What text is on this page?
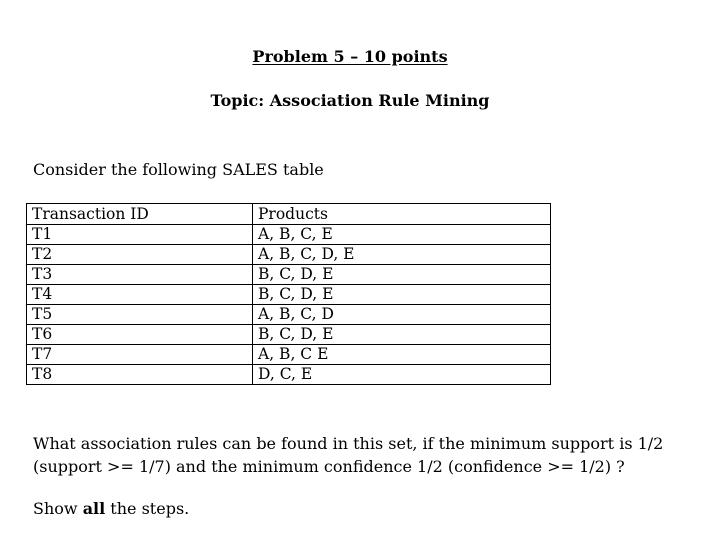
Problem 5 – 10 points
Topic: Association Rule Mining
Consider the following SALES table
Transaction ID	Products
T1	A, B, C, E
T2	A, B, C, D, E
T3	B, C, D, E
T4	B, C, D, E
T5	A, B, C, D
T6	B, C, D, E
T7	A, B, C E
T8	D, C, E
What association rules can be found in this set, if the minimum support is 1/2 (support >= 1/7) and the minimum confidence 1/2 (confidence >= 1/2) ?
Show all the steps.
